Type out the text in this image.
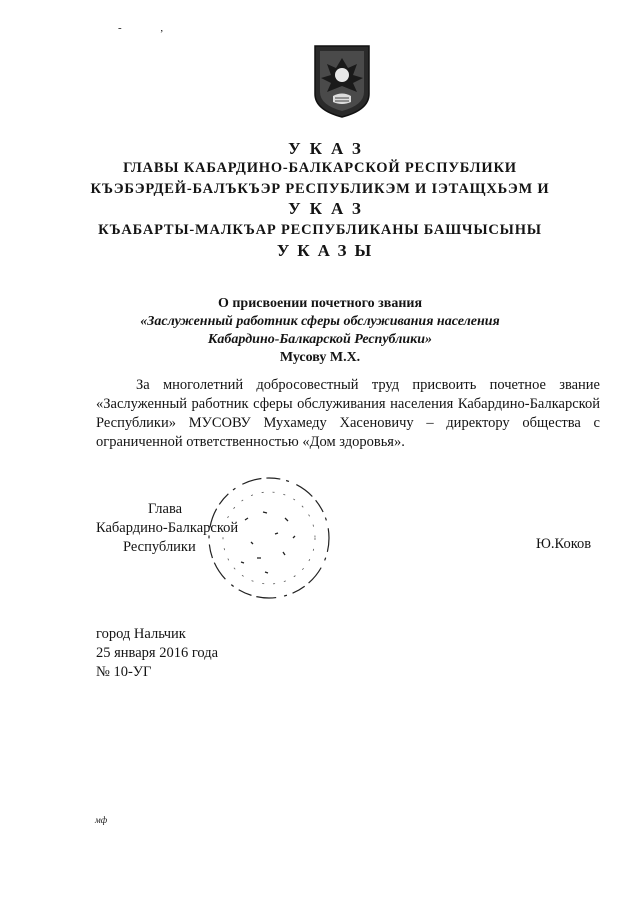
- ,
УКАЗ
ГЛАВЫ КАБАРДИНО-БАЛКАРСКОЙ РЕСПУБЛИКИ
КЪЭБЭРДЕЙ-БАЛЪКЪЭР РЕСПУБЛИКЭМ И ІЭТАЩХЬЭМ И
УКАЗ
КЪАБАРТЫ-МАЛКЪАР РЕСПУБЛИКАНЫ БАШЧЫСЫНЫ
УКАЗЫ
О присвоении почетного звания
«Заслуженный работник сферы обслуживания населения
Кабардино-Балкарской Республики»
Мусову М.Х.
За многолетний добросовестный труд присвоить почетное звание «Заслуженный работник сферы обслуживания населения Кабардино-Балкарской Республики» МУСОВУ Мухамеду Хасеновичу – директору общества с ограниченной ответственностью «Дом здоровья».
Глава
Кабардино-Балкарской
Республики	Ю.Коков
город Нальчик
25 января 2016 года
№ 10-УГ
мф
